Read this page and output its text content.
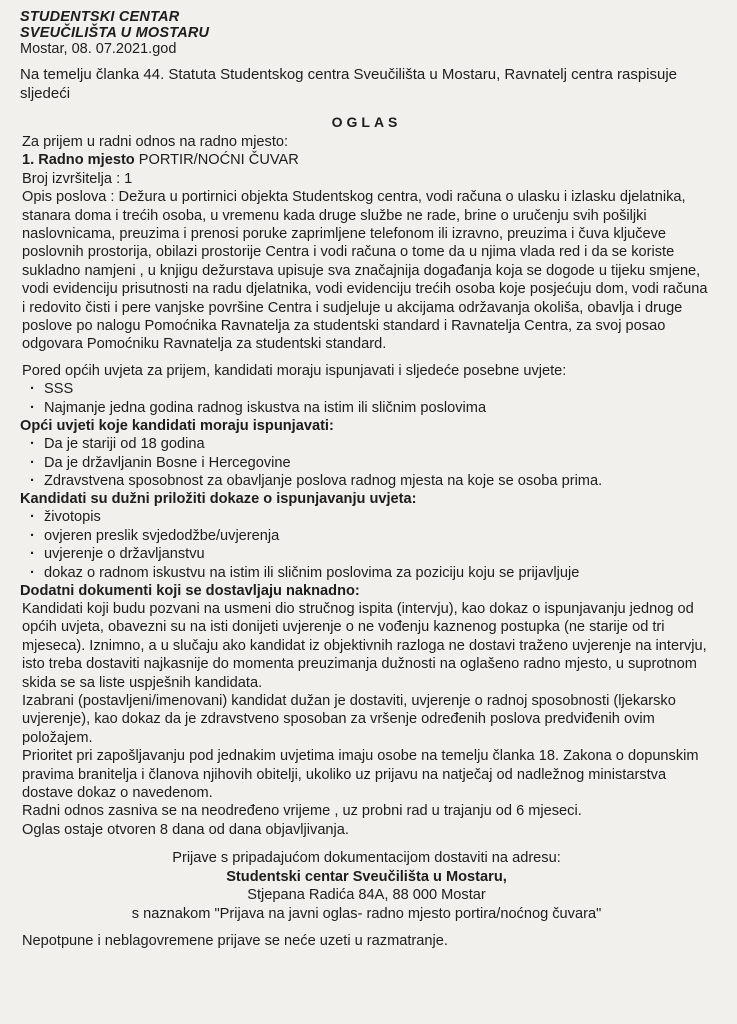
STUDENTSKI CENTAR
SVEUČILIŠTA U MOSTARU
Mostar, 08. 07.2021.god
Na temelju članka 44. Statuta Studentskog centra Sveučilišta u Mostaru, Ravnatelj centra raspisuje sljedeći
OGLAS

Za prijem u radni odnos na radno mjesto:

1. Radno mjesto PORTIR/NOĆNI ČUVAR

Broj izvršitelja : 1

Opis poslova : Dežura u portirnici objekta Studentskog centra, vodi računa o ulasku i izlasku djelatnika, stanara doma i trećih osoba, u vremenu kada druge službe ne rade, brine o uručenju svih pošiljki naslovnicama, preuzima i prenosi poruke zaprimljene telefonom ili izravno, preuzima i čuva ključeve poslovnih prostorija, obilazi prostorije Centra i vodi računa o tome da u njima vlada red i da se koriste sukladno namjeni , u knjigu dežurstava upisuje sva značajnija događanja koja se dogode u tijeku smjene, vodi evidenciju prisutnosti na radu djelatnika, vodi evidenciju trećih osoba koje posjećuju dom, vodi računa i redovito čisti i pere vanjske površine Centra i sudjeluje u akcijama održavanja okoliša, obavlja i druge poslove po nalogu Pomoćnika Ravnatelja za studentski standard i Ravnatelja Centra, za svoj posao odgovara Pomoćniku Ravnatelja za studentski standard.

Pored općih uvjeta za prijem, kandidati moraju ispunjavati i sljedeće posebne uvjete:

· SSS
· Najmanje jedna godina radnog iskustva na istim ili sličnim poslovima

Opći uvjeti koje kandidati moraju ispunjavati:

· Da je stariji od 18 godina
· Da je državljanin Bosne i Hercegovine
· Zdravstvena sposobnost za obavljanje poslova radnog mjesta na koje se osoba prima.

Kandidati su dužni priložiti dokaze o ispunjavanju uvjeta:

· životopis
· ovjeren preslik svjedodžbe/uvjerenja
· uvjerenje o državljanstvu
· dokaz o radnom iskustvu na istim ili sličnim poslovima za poziciju koju se prijavljuje

Dodatni dokumenti koji se dostavljaju naknadno:

Kandidati koji budu pozvani na usmeni dio stručnog ispita (intervju), kao dokaz o ispunjavanju jednog od općih uvjeta, obavezni su na isti donijeti uvjerenje o ne vođenju kaznenog postupka (ne starije od tri mjeseca). Iznimno, a u slučaju ako kandidat iz objektivnih razloga ne dostavi traženo uvjerenje na intervju, isto treba dostaviti najkasnije do momenta preuzimanja dužnosti na oglašeno radno mjesto, u suprotnom skida se sa liste uspješnih kandidata.

Izabrani (postavljeni/imenovani) kandidat dužan je dostaviti, uvjerenje o radnoj sposobnosti (ljekarsko uvjerenje), kao dokaz da je zdravstveno sposoban za vršenje određenih poslova predviđenih ovim položajem.

Prioritet pri zapošljavanju pod jednakim uvjetima imaju osobe na temelju članka 18. Zakona o dopunskim pravima branitelja i članova njihovih obitelji, ukoliko uz prijavu na natječaj od nadležnog ministarstva dostave dokaz o navedenom.

Radni odnos zasniva se na neodređeno vrijeme , uz probni rad u trajanju od 6 mjeseci.

Oglas ostaje otvoren 8 dana od dana objavljivanja.

Prijave s pripadajućom dokumentacijom dostaviti na adresu:
Studentski centar Sveučilišta u Mostaru,
Stjepana Radića 84A, 88 000 Mostar
s naznakom "Prijava na javni oglas- radno mjesto portira/noćnog čuvara"
Nepotpune i neblagovremene prijave se neće uzeti u razmatranje.
